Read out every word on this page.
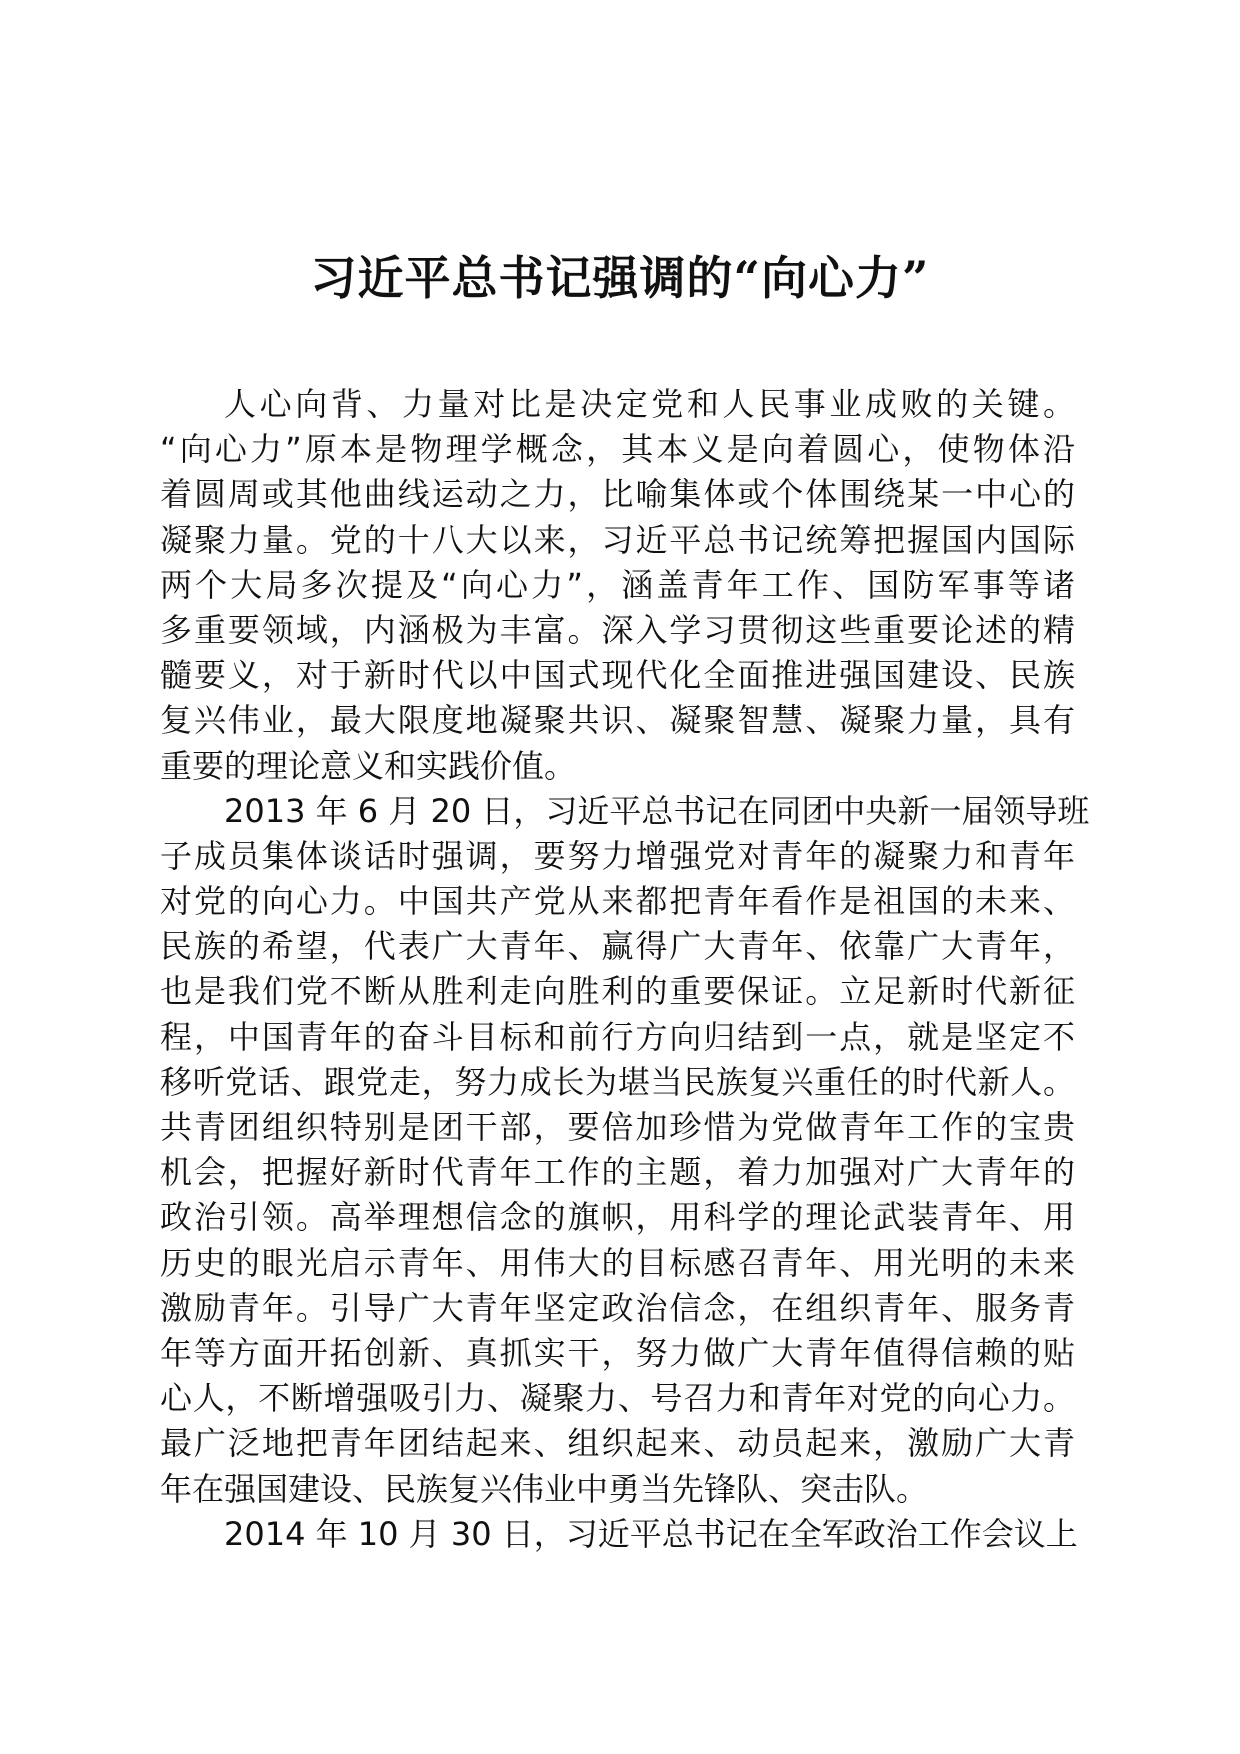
习近平总书记强调的“向心力”
人心向背、力量对比是决定党和人民事业成败的关键。
“向心力”原本是物理学概念，其本义是向着圆心，使物体沿
着圆周或其他曲线运动之力，比喻集体或个体围绕某一中心的
凝聚力量。党的十八大以来，习近平总书记统筹把握国内国际
两个大局多次提及“向心力”，涵盖青年工作、国防军事等诸
多重要领域，内涵极为丰富。深入学习贯彻这些重要论述的精
髓要义，对于新时代以中国式现代化全面推进强国建设、民族
复兴伟业，最大限度地凝聚共识、凝聚智慧、凝聚力量，具有
重要的理论意义和实践价值。
2013 年 6 月 20 日，习近平总书记在同团中央新一届领导班
子成员集体谈话时强调，要努力增强党对青年的凝聚力和青年
对党的向心力。中国共产党从来都把青年看作是祖国的未来、
民族的希望，代表广大青年、赢得广大青年、依靠广大青年，
也是我们党不断从胜利走向胜利的重要保证。立足新时代新征
程，中国青年的奋斗目标和前行方向归结到一点，就是坚定不
移听党话、跟党走，努力成长为堪当民族复兴重任的时代新人。
共青团组织特别是团干部，要倍加珍惜为党做青年工作的宝贵
机会，把握好新时代青年工作的主题，着力加强对广大青年的
政治引领。高举理想信念的旗帜，用科学的理论武装青年、用
历史的眼光启示青年、用伟大的目标感召青年、用光明的未来
激励青年。引导广大青年坚定政治信念，在组织青年、服务青
年等方面开拓创新、真抓实干，努力做广大青年值得信赖的贴
心人，不断增强吸引力、凝聚力、号召力和青年对党的向心力。
最广泛地把青年团结起来、组织起来、动员起来，激励广大青
年在强国建设、民族复兴伟业中勇当先锋队、突击队。
2014 年 10 月 30 日，习近平总书记在全军政治工作会议上
